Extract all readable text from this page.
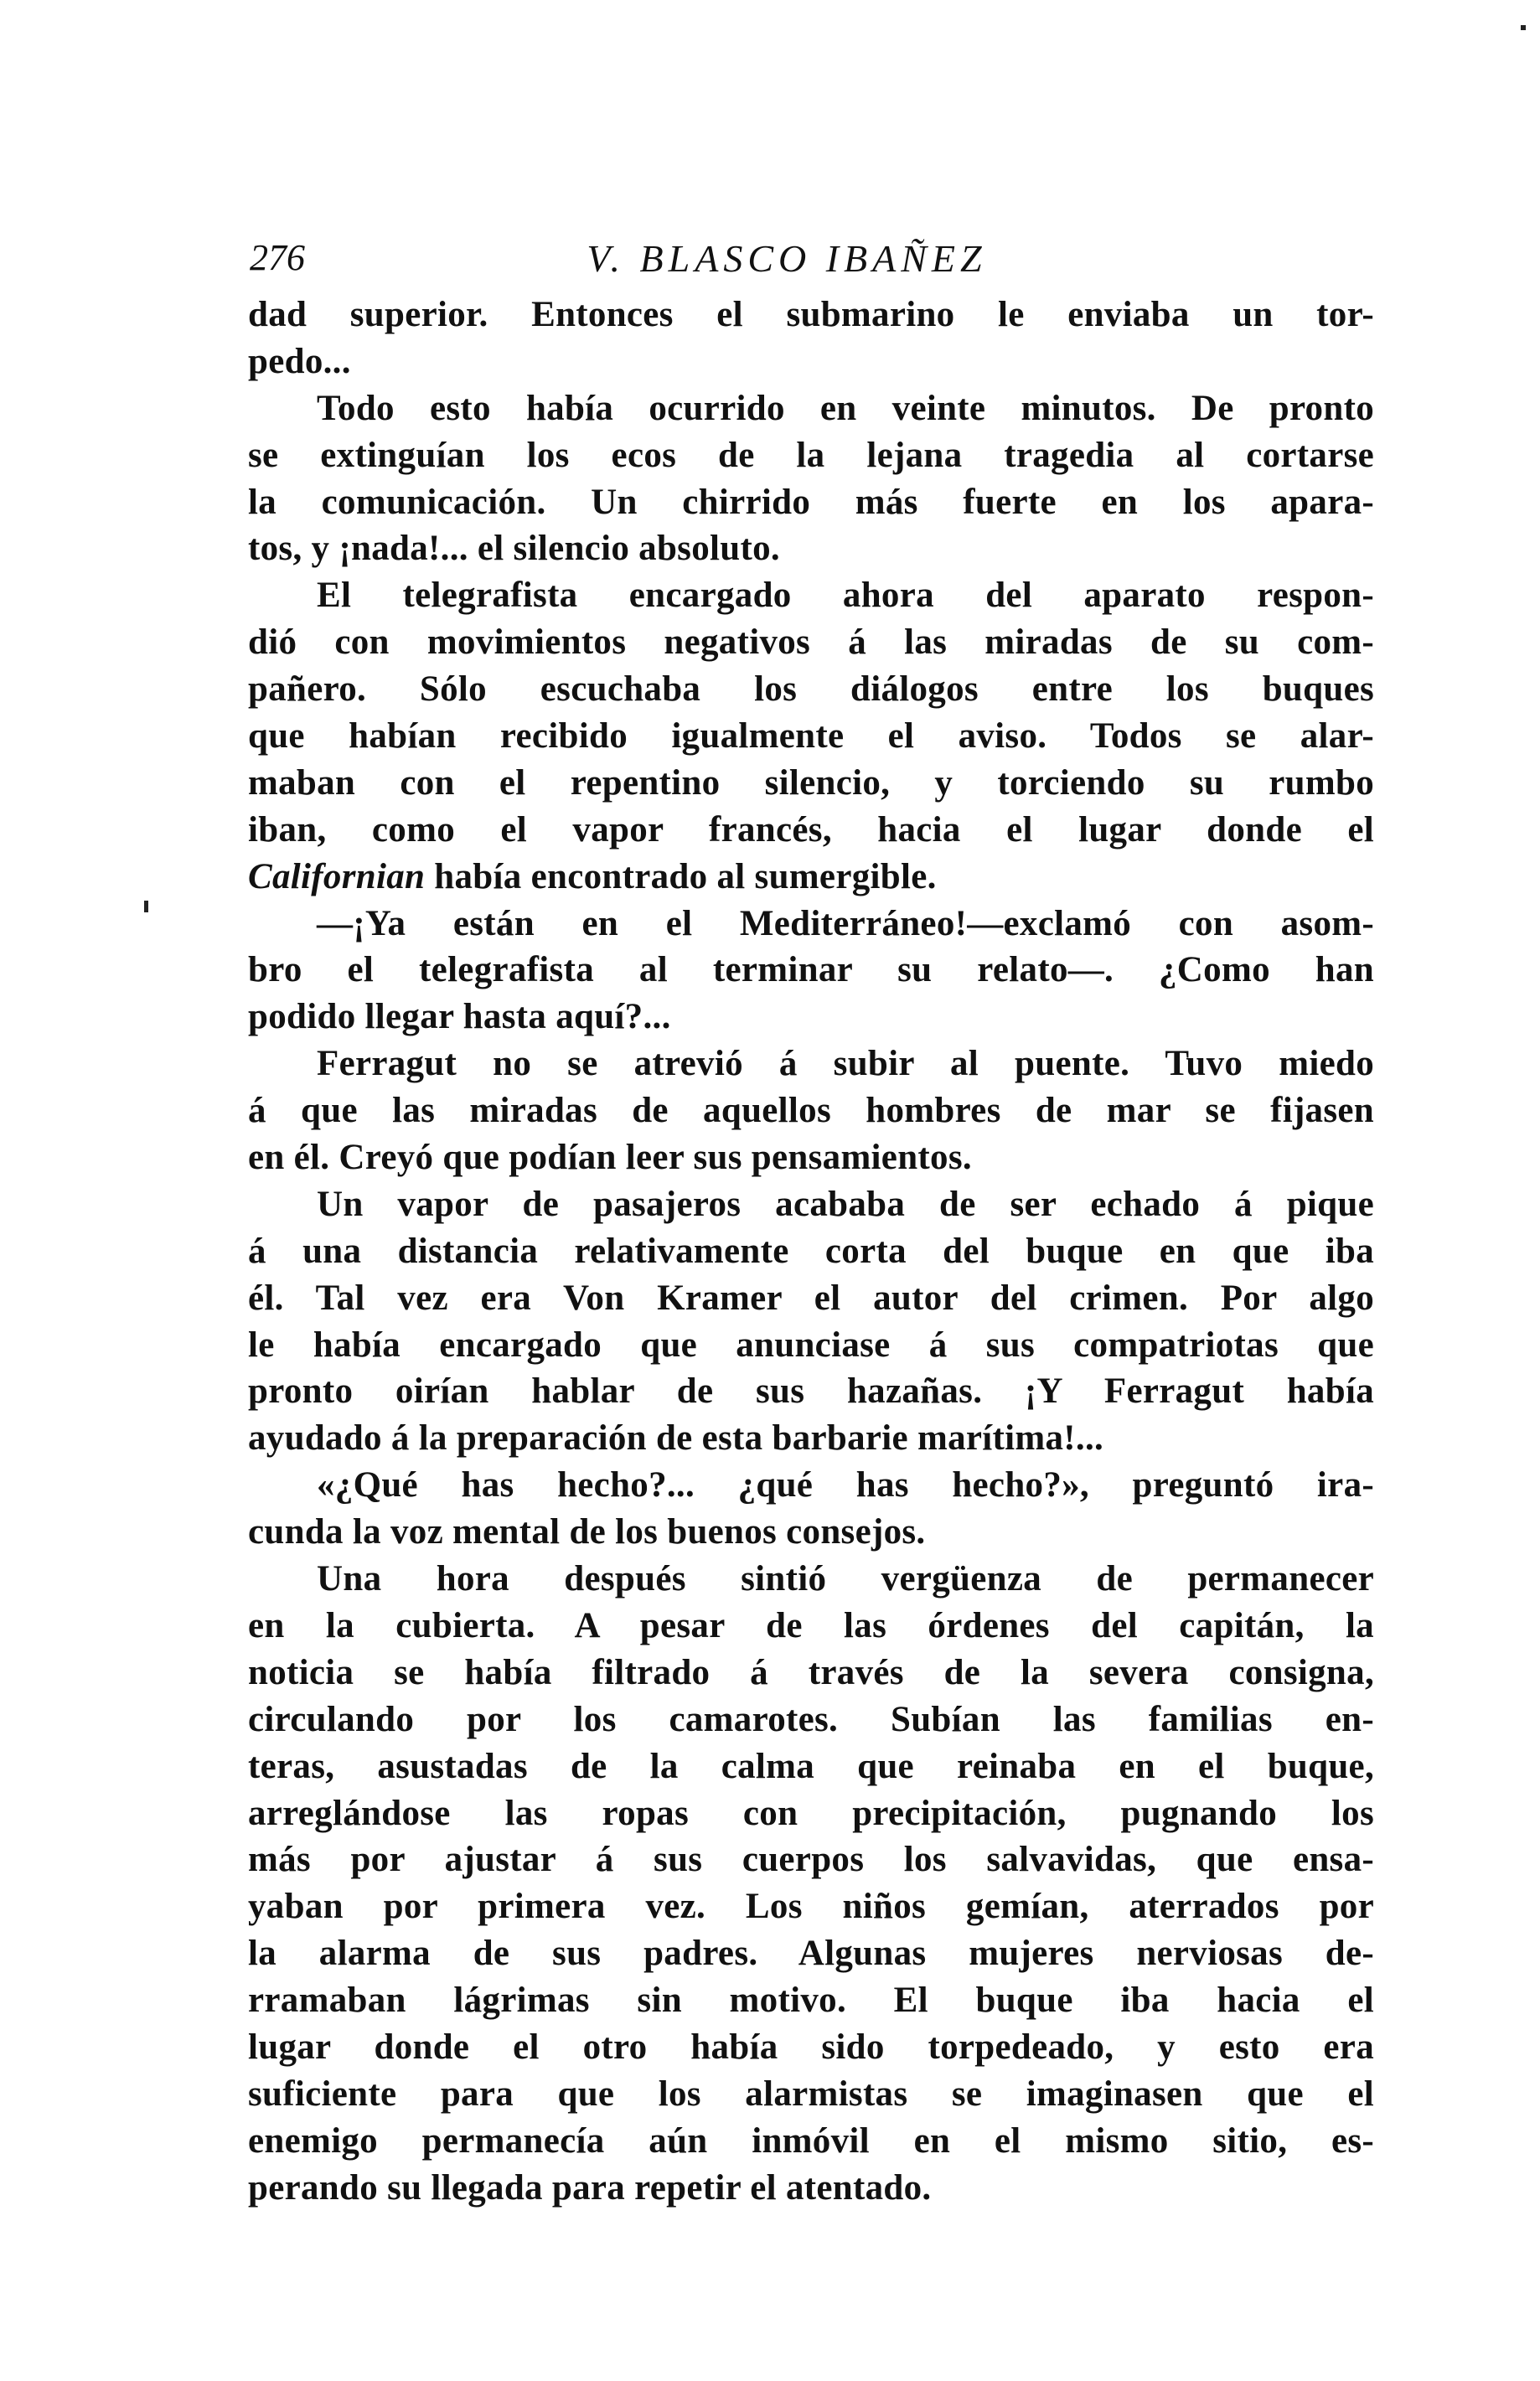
276	V. BLASCO IBAÑEZ
dad superior. Entonces el submarino le enviaba un tor-
pedo...
Todo esto había ocurrido en veinte minutos. De pronto
se extinguían los ecos de la lejana tragedia al cortarse
la comunicación. Un chirrido más fuerte en los apara-
tos, y ¡nada!... el silencio absoluto.
El telegrafista encargado ahora del aparato respon-
dió con movimientos negativos á las miradas de su com-
pañero. Sólo escuchaba los diálogos entre los buques
que habían recibido igualmente el aviso. Todos se alar-
maban con el repentino silencio, y torciendo su rumbo
iban, como el vapor francés, hacia el lugar donde el
Californian había encontrado al sumergible.
—¡Ya están en el Mediterráneo!—exclamó con asom-
bro el telegrafista al terminar su relato—. ¿Como han
podido llegar hasta aquí?...
Ferragut no se atrevió á subir al puente. Tuvo miedo
á que las miradas de aquellos hombres de mar se fijasen
en él. Creyó que podían leer sus pensamientos.
Un vapor de pasajeros acababa de ser echado á pique
á una distancia relativamente corta del buque en que iba
él. Tal vez era Von Kramer el autor del crimen. Por algo
le había encargado que anunciase á sus compatriotas que
pronto oirían hablar de sus hazañas. ¡Y Ferragut había
ayudado á la preparación de esta barbarie marítima!...
«¿Qué has hecho?... ¿qué has hecho?», preguntó ira-
cunda la voz mental de los buenos consejos.
Una hora después sintió vergüenza de permanecer
en la cubierta. A pesar de las órdenes del capitán, la
noticia se había filtrado á través de la severa consigna,
circulando por los camarotes. Subían las familias en-
teras, asustadas de la calma que reinaba en el buque,
arreglándose las ropas con precipitación, pugnando los
más por ajustar á sus cuerpos los salvavidas, que ensa-
yaban por primera vez. Los niños gemían, aterrados por
la alarma de sus padres. Algunas mujeres nerviosas de-
rramaban lágrimas sin motivo. El buque iba hacia el
lugar donde el otro había sido torpedeado, y esto era
suficiente para que los alarmistas se imaginasen que el
enemigo permanecía aún inmóvil en el mismo sitio, es-
perando su llegada para repetir el atentado.
